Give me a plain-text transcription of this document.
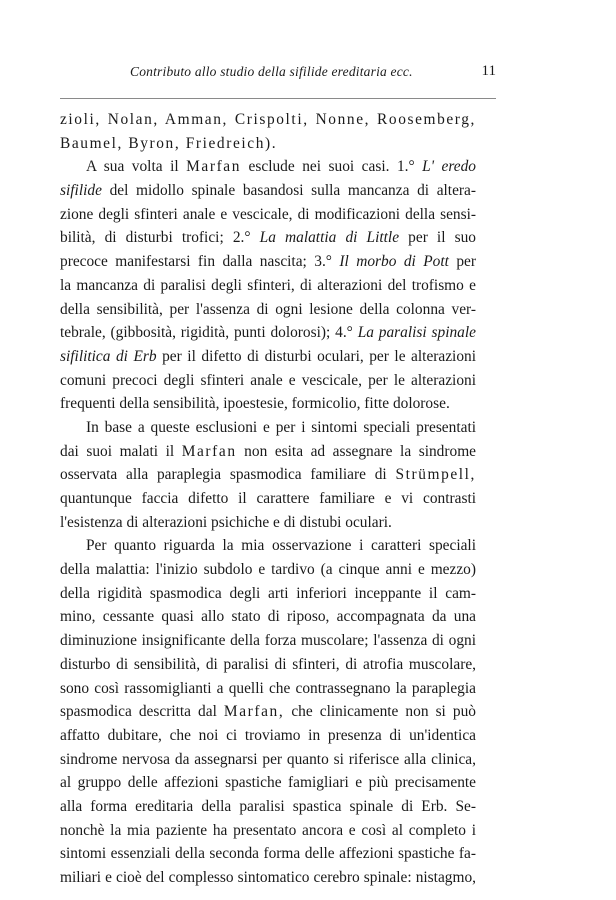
Contributo allo studio della sifilide ereditaria ecc.	11
zioli, Nolan, Amman, Crispolti, Nonne, Roosemberg,
Baumel, Byron, Friedreich).
A sua volta il Marfan esclude nei suoi casi. 1.° L' eredo
sifilide del midollo spinale basandosi sulla mancanza di altera-
zione degli sfinteri anale e vescicale, di modificazioni della sensi-
bilità, di disturbi trofici; 2.° La malattia di Little per il suo
precoce manifestarsi fin dalla nascita; 3.° Il morbo di Pott per
la mancanza di paralisi degli sfinteri, di alterazioni del trofismo e
della sensibilità, per l'assenza di ogni lesione della colonna ver-
tebrale, (gibbosità, rigidità, punti dolorosi); 4.° La paralisi spinale
sifilitica di Erb per il difetto di disturbi oculari, per le alterazioni
comuni precoci degli sfinteri anale e vescicale, per le alterazioni
frequenti della sensibilità, ipoestesie, formicolio, fitte dolorose.
In base a queste esclusioni e per i sintomi speciali presentati
dai suoi malati il Marfan non esita ad assegnare la sindrome
osservata alla paraplegia spasmodica familiare di Strümpell,
quantunque faccia difetto il carattere familiare e vi contrasti
l'esistenza di alterazioni psichiche e di distubi oculari.
Per quanto riguarda la mia osservazione i caratteri speciali
della malattia: l'inizio subdolo e tardivo (a cinque anni e mezzo)
della rigidità spasmodica degli arti inferiori inceppante il cam-
mino, cessante quasi allo stato di riposo, accompagnata da una
diminuzione insignificante della forza muscolare; l'assenza di ogni
disturbo di sensibilità, di paralisi di sfinteri, di atrofia muscolare,
sono così rassomiglianti a quelli che contrassegnano la paraplegia
spasmodica descritta dal Marfan, che clinicamente non si può
affatto dubitare, che noi ci troviamo in presenza di un'identica
sindrome nervosa da assegnarsi per quanto si riferisce alla clinica,
al gruppo delle affezioni spastiche famigliari e più precisamente
alla forma ereditaria della paralisi spastica spinale di Erb. Se-
nonchè la mia paziente ha presentato ancora e così al completo i
sintomi essenziali della seconda forma delle affezioni spastiche fa-
miliari e cioè del complesso sintomatico cerebro spinale: nistagmo,
